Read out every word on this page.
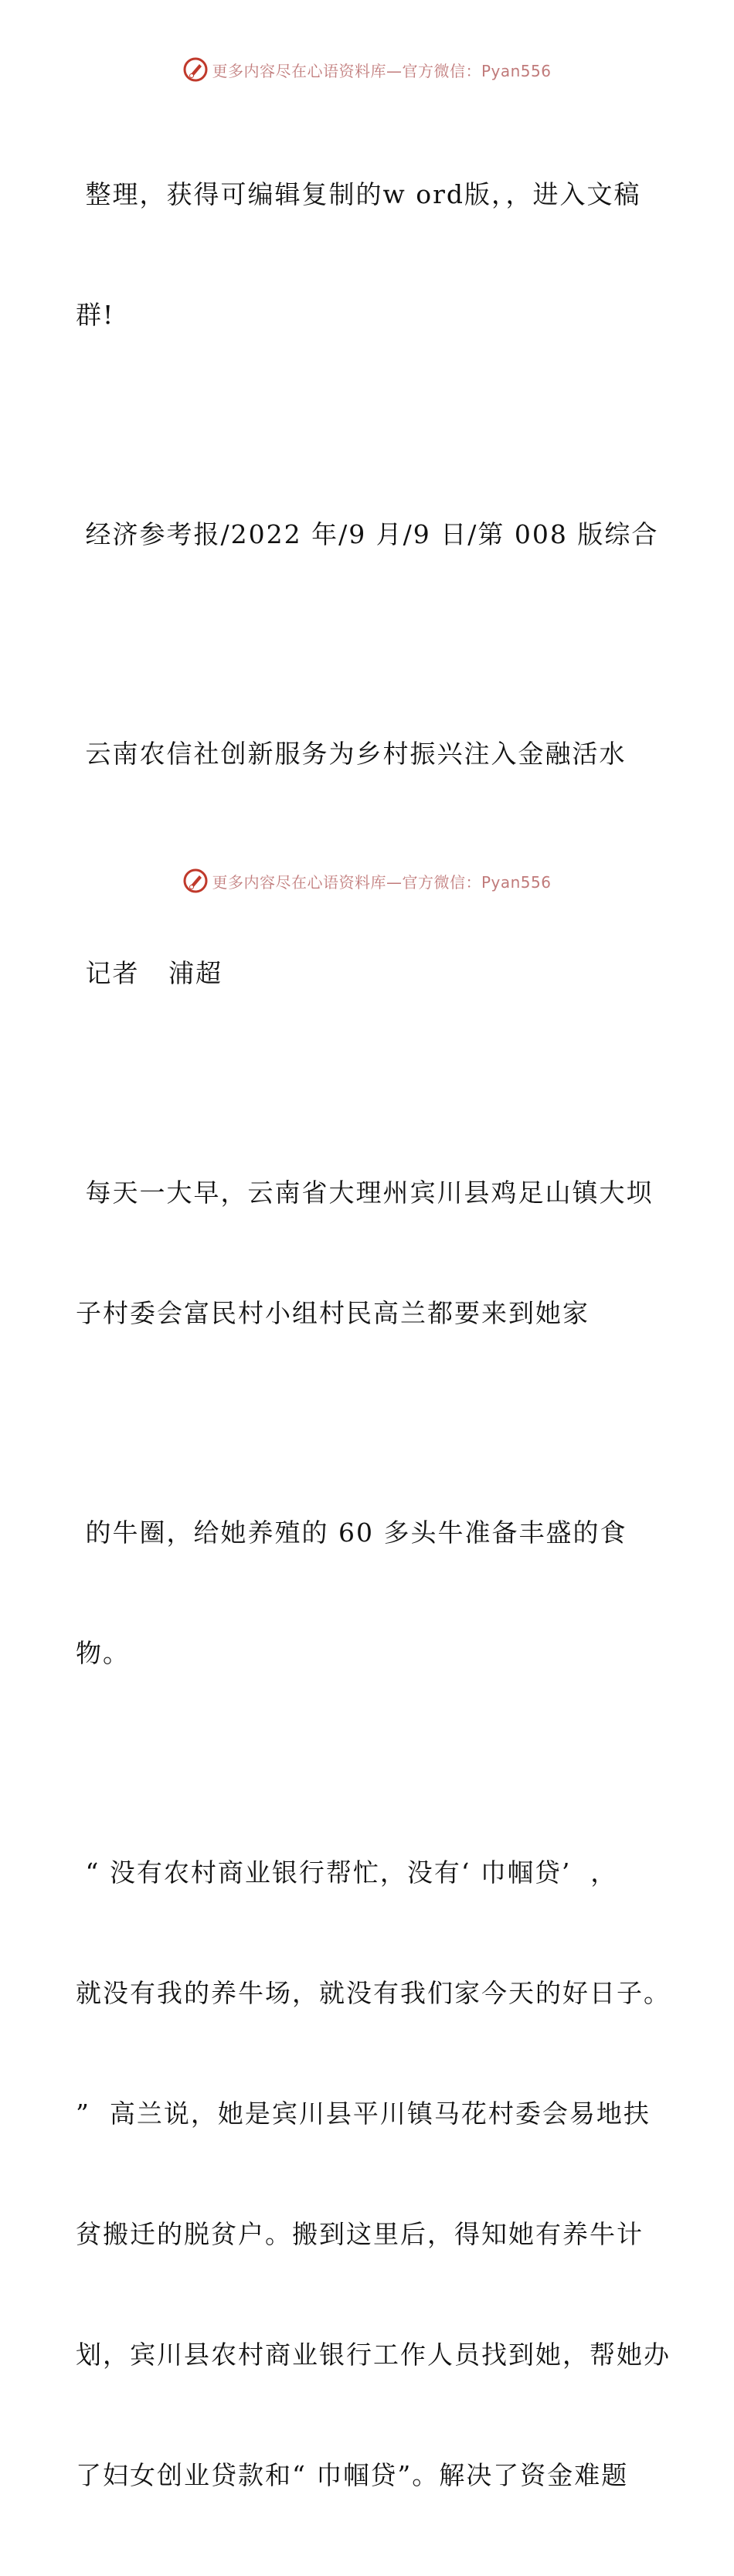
更多内容尽在心语资料库—官方微信：Pyan556

整理，获得可编辑复制的w ord版，，进入文稿

群!

经济参考报/2022 年/9 月/9 日/第 008 版综合

云南农信社创新服务为乡村振兴注入金融活水

记者   浦超

每天一大早，云南省大理州宾川县鸡足山镇大坝

子村委会富民村小组村民高兰都要来到她家

的牛圈，给她养殖的 60 多头牛准备丰盛的食

物。

“ 没有农村商业银行帮忙，没有‘ 巾帼贷’  ，

就没有我的养牛场，就没有我们家今天的好日子。

”  高兰说，她是宾川县平川镇马花村委会易地扶

贫搬迁的脱贫户。搬到这里后，得知她有养牛计

划，宾川县农村商业银行工作人员找到她，帮她办

了妇女创业贷款和“ 巾帼贷”。解决了资金难题

更多内容尽在心语资料库—官方微信：Pyan556
